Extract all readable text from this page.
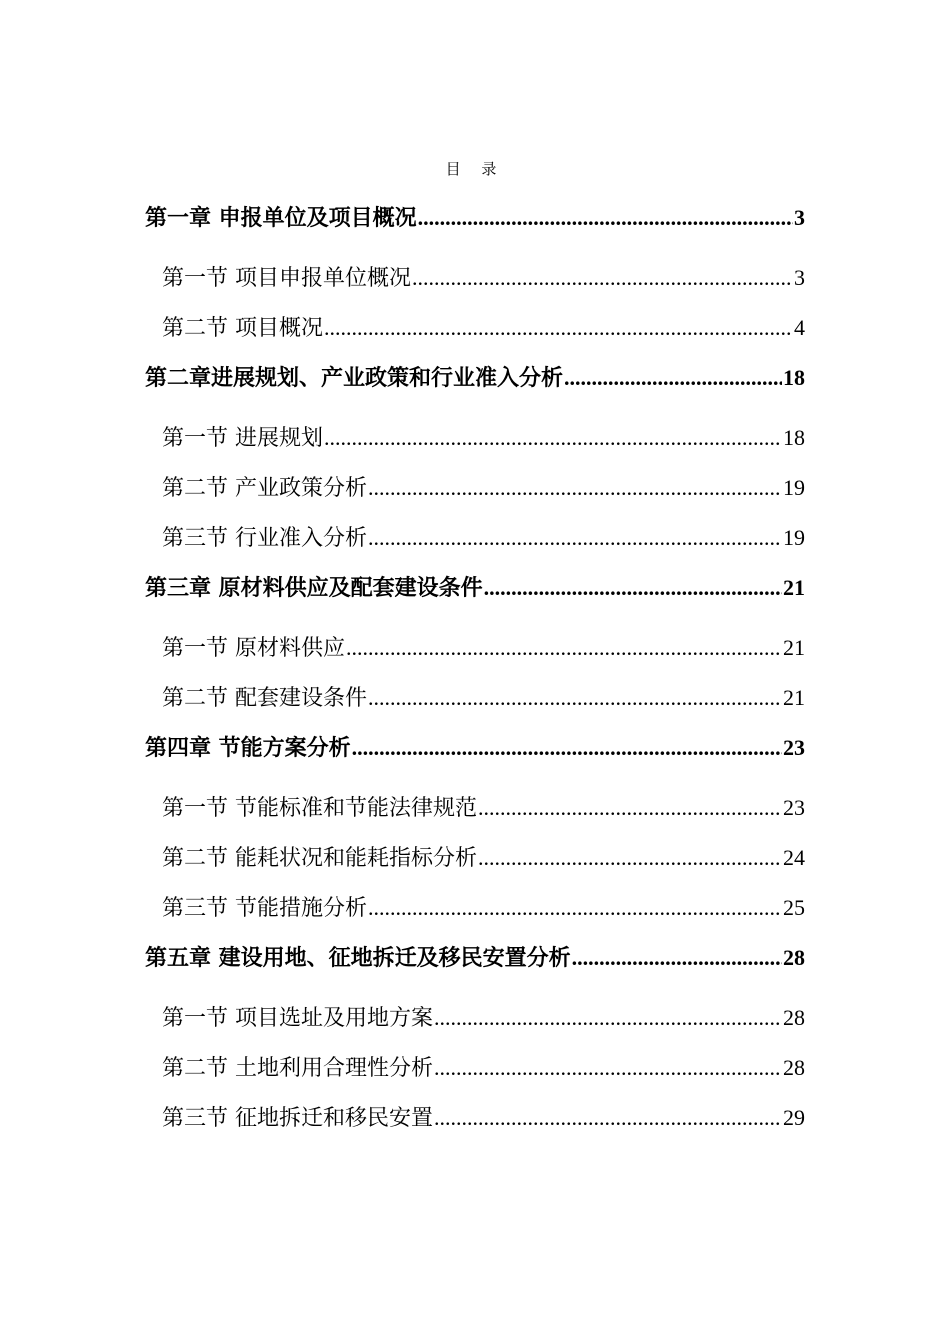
目 录
第一章 申报单位及项目概况 .....	3
第一节 项目申报单位概况 .....	3
第二节 项目概况 .....	4
第二章进展规划、产业政策和行业准入分析 .....	18
第一节 进展规划 .....	18
第二节 产业政策分析 .....	19
第三节 行业准入分析 .....	19
第三章 原材料供应及配套建设条件 .....	21
第一节 原材料供应 .....	21
第二节 配套建设条件 .....	21
第四章 节能方案分析 .....	23
第一节 节能标准和节能法律规范 .....	23
第二节 能耗状况和能耗指标分析 .....	24
第三节 节能措施分析 .....	25
第五章 建设用地、征地拆迁及移民安置分析 .....	28
第一节 项目选址及用地方案 .....	28
第二节 土地利用合理性分析 .....	28
第三节 征地拆迁和移民安置 .....	29
